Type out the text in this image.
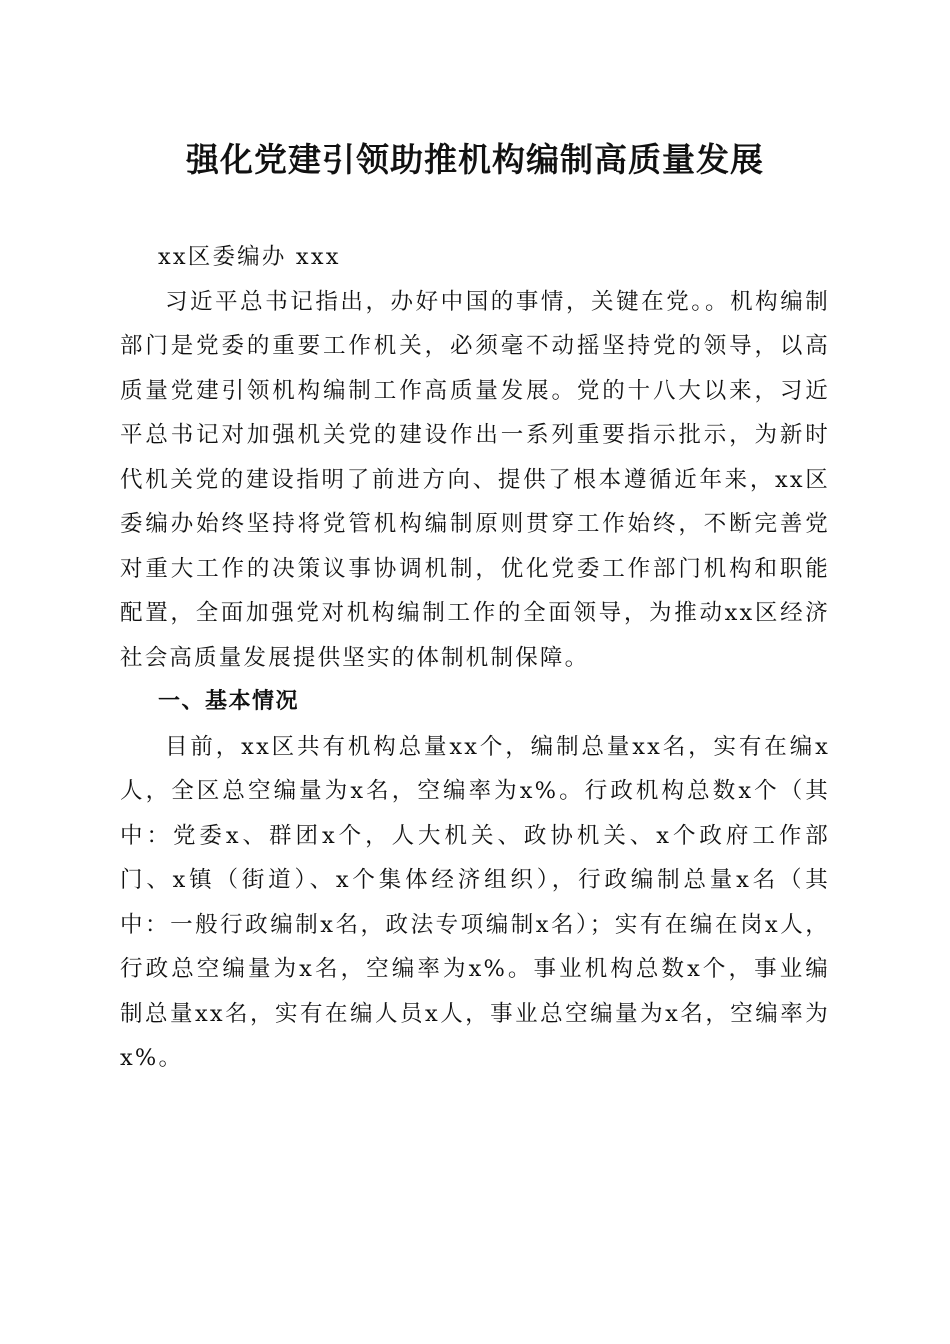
强化党建引领助推机构编制高质量发展

xx区委编办 xxx

习近平总书记指出，办好中国的事情，关键在党。。机构编制部门是党委的重要工作机关，必须毫不动摇坚持党的领导，以高质量党建引领机构编制工作高质量发展。党的十八大以来，习近平总书记对加强机关党的建设作出一系列重要指示批示，为新时代机关党的建设指明了前进方向、提供了根本遵循近年来，xx区委编办始终坚持将党管机构编制原则贯穿工作始终，不断完善党对重大工作的决策议事协调机制，优化党委工作部门机构和职能配置，全面加强党对机构编制工作的全面领导，为推动xx区经济社会高质量发展提供坚实的体制机制保障。

一、基本情况

目前，xx区共有机构总量xx个，编制总量xx名，实有在编x人，全区总空编量为x名，空编率为x%。行政机构总数x个（其中：党委x、群团x个，人大机关、政协机关、x个政府工作部门、x镇（街道）、x个集体经济组织），行政编制总量x名（其中：一般行政编制x名，政法专项编制x名）；实有在编在岗x人，行政总空编量为x名，空编率为x%。事业机构总数x个，事业编制总量xx名，实有在编人员x人，事业总空编量为x名，空编率为x%。
